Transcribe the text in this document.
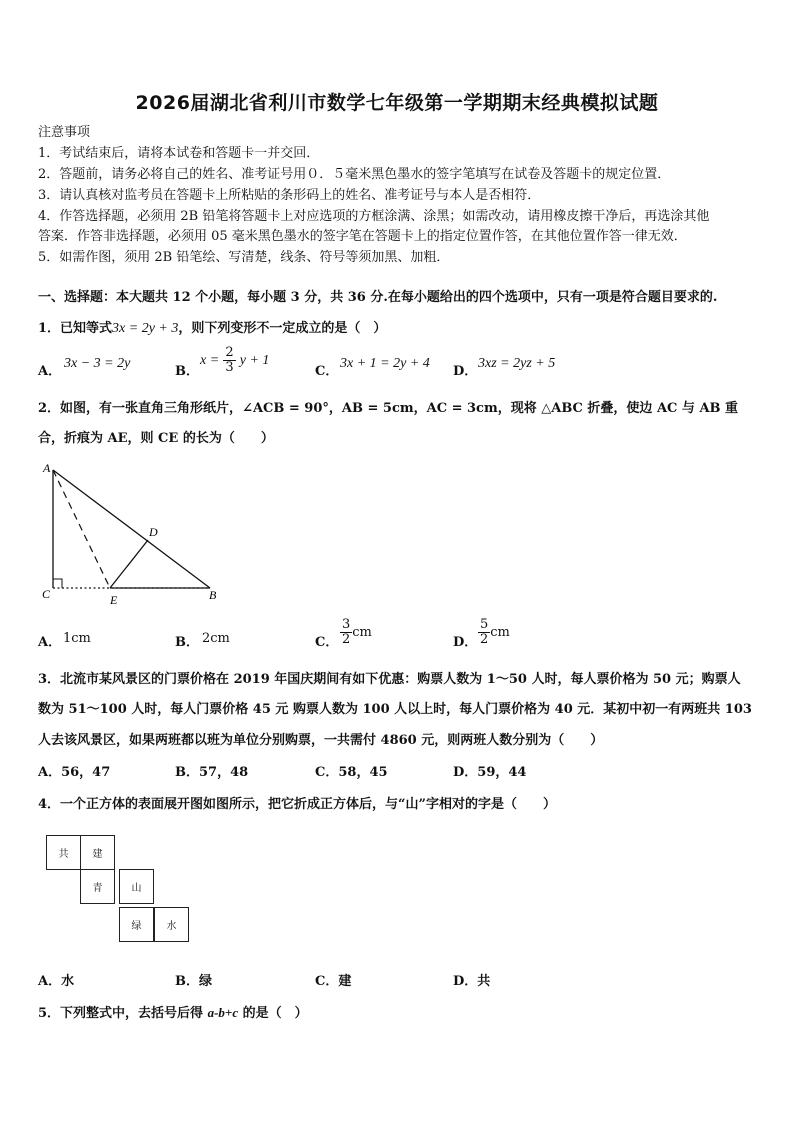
2026届湖北省利川市数学七年级第一学期期末经典模拟试题
注意事项
1．考试结束后，请将本试卷和答题卡一并交回．
2．答题前，请务必将自己的姓名、准考证号用０．５毫米黑色墨水的签字笔填写在试卷及答题卡的规定位置．
3．请认真核对监考员在答题卡上所粘贴的条形码上的姓名、准考证号与本人是否相符．
4．作答选择题，必须用 2B 铅笔将答题卡上对应选项的方框涂满、涂黑；如需改动，请用橡皮擦干净后，再选涂其他
答案．作答非选择题，必须用 05 毫米黑色墨水的签字笔在答题卡上的指定位置作答，在其他位置作答一律无效．
5．如需作图，须用 2B 铅笔绘、写清楚，线条、符号等须加黑、加粗．
一、选择题：本大题共 12 个小题，每小题 3 分，共 36 分.在每小题给出的四个选项中，只有一项是符合题目要求的.
1．已知等式3x = 2y + 3，则下列变形不一定成立的是（　）
A．
3x − 3 = 2y
B．
$x = \frac{2}{3}$ y + 1
C．
3x + 1 = 2y + 4
D．
3xz = 2yz + 5
2．如图，有一张直角三角形纸片，∠ACB = 90°，AB = 5cm，AC = 3cm，现将 △ABC 折叠，使边 AC 与 AB 重
合，折痕为 AE，则 CE 的长为（　　）
A
C	E	B
D
A． 1cm	B． 2cm	C． $\frac{3}{2}$ cm
D． $\frac{5}{2}$ cm
3．北流市某风景区的门票价格在 2019 年国庆期间有如下优惠：购票人数为 1～50 人时，每人票价格为 50 元；购票人
数为 51～100 人时，每人门票价格 45 元 购票人数为 100 人以上时，每人门票价格为 40 元．某初中初一有两班共 103
人去该风景区，如果两班都以班为单位分别购票，一共需付 4860 元，则两班人数分别为（　　）
A．56，47	B．57，48	C．58，45	D．59，44
4．一个正方体的表面展开图如图所示，把它折成正方体后，与“山”字相对的字是（　　）
共	建
青	山
绿	水
A．水	B．绿	C．建	D．共
5．下列整式中，去括号后得 a-b+c 的是（　）
